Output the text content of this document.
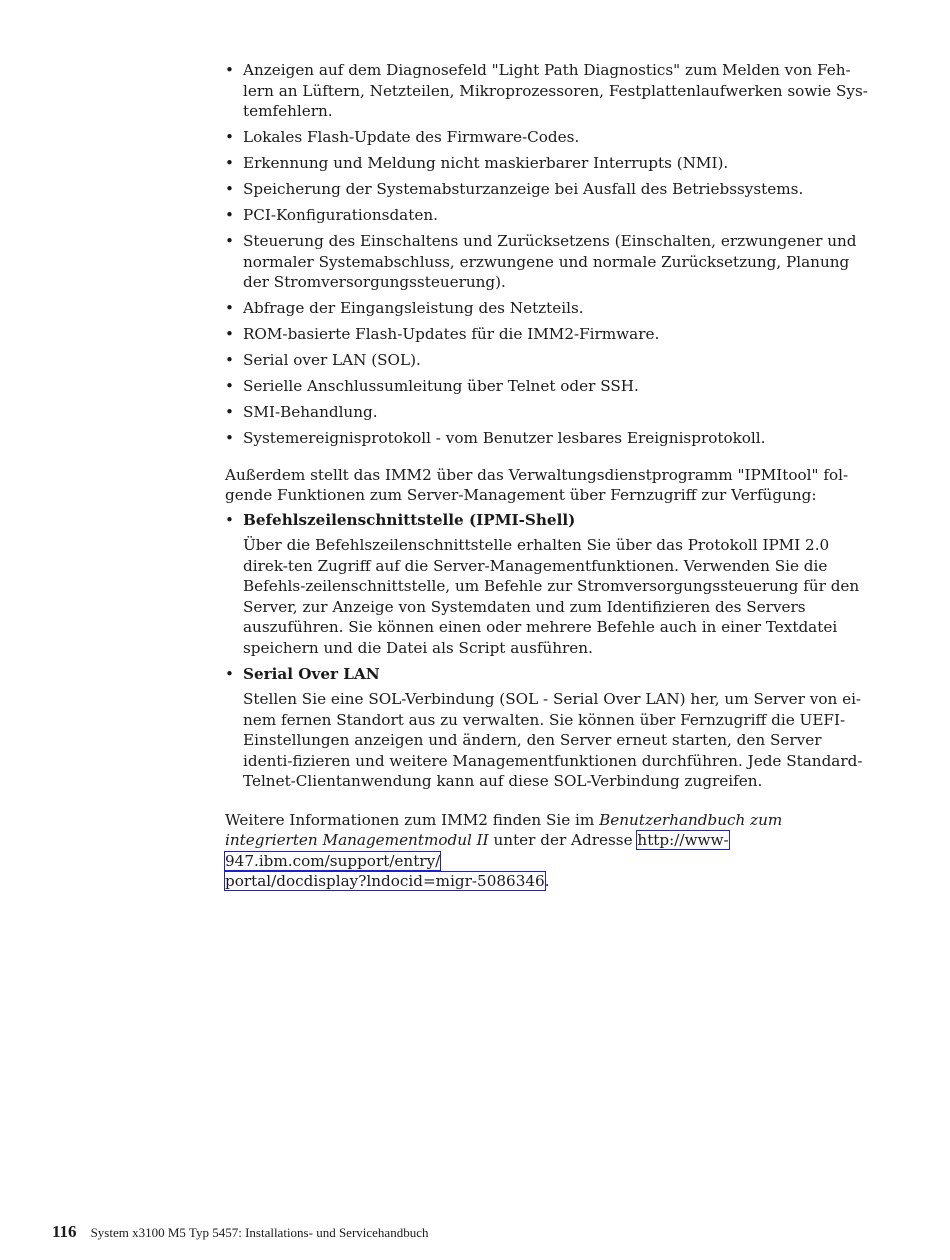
• Anzeigen auf dem Diagnosefeld "Light Path Diagnostics" zum Melden von Feh-lern an Lüftern, Netzteilen, Mikroprozessoren, Festplattenlaufwerken sowie Sys-temfehlern.
• Lokales Flash-Update des Firmware-Codes.
• Erkennung und Meldung nicht maskierbarer Interrupts (NMI).
• Speicherung der Systemabsturzanzeige bei Ausfall des Betriebssystems.
• PCI-Konfigurationsdaten.
• Steuerung des Einschaltens und Zurücksetzens (Einschalten, erzwungener und normaler Systemabschluss, erzwungene und normale Zurücksetzung, Planung der Stromversorgungssteuerung).
• Abfrage der Eingangsleistung des Netzteils.
• ROM-basierte Flash-Updates für die IMM2-Firmware.
• Serial over LAN (SOL).
• Serielle Anschlussumleitung über Telnet oder SSH.
• SMI-Behandlung.
• Systemereignisprotokoll - vom Benutzer lesbares Ereignisprotokoll.

Außerdem stellt das IMM2 über das Verwaltungsdienstprogramm "IPMItool" fol-gende Funktionen zum Server-Management über Fernzugriff zur Verfügung:

• Befehlszeilenschnittstelle (IPMI-Shell)
Über die Befehlszeilenschnittstelle erhalten Sie über das Protokoll IPMI 2.0 direk-ten Zugriff auf die Server-Managementfunktionen. Verwenden Sie die Befehls-zeilenschnittstelle, um Befehle zur Stromversorgungssteuerung für den Server, zur Anzeige von Systemdaten und zum Identifizieren des Servers auszuführen. Sie können einen oder mehrere Befehle auch in einer Textdatei speichern und die Datei als Script ausführen.
• Serial Over LAN
Stellen Sie eine SOL-Verbindung (SOL - Serial Over LAN) her, um Server von ei-nem fernen Standort aus zu verwalten. Sie können über Fernzugriff die UEFI-Einstellungen anzeigen und ändern, den Server erneut starten, den Server identi-fizieren und weitere Managementfunktionen durchführen. Jede Standard-Telnet-Clientanwendung kann auf diese SOL-Verbindung zugreifen.

Weitere Informationen zum IMM2 finden Sie im Benutzerhandbuch zum integrierten Managementmodul II unter der Adresse http://www-947.ibm.com/support/entry/
portal/docdisplay?lndocid=migr-5086346.

116 System x3100 M5 Typ 5457: Installations- und Servicehandbuch
